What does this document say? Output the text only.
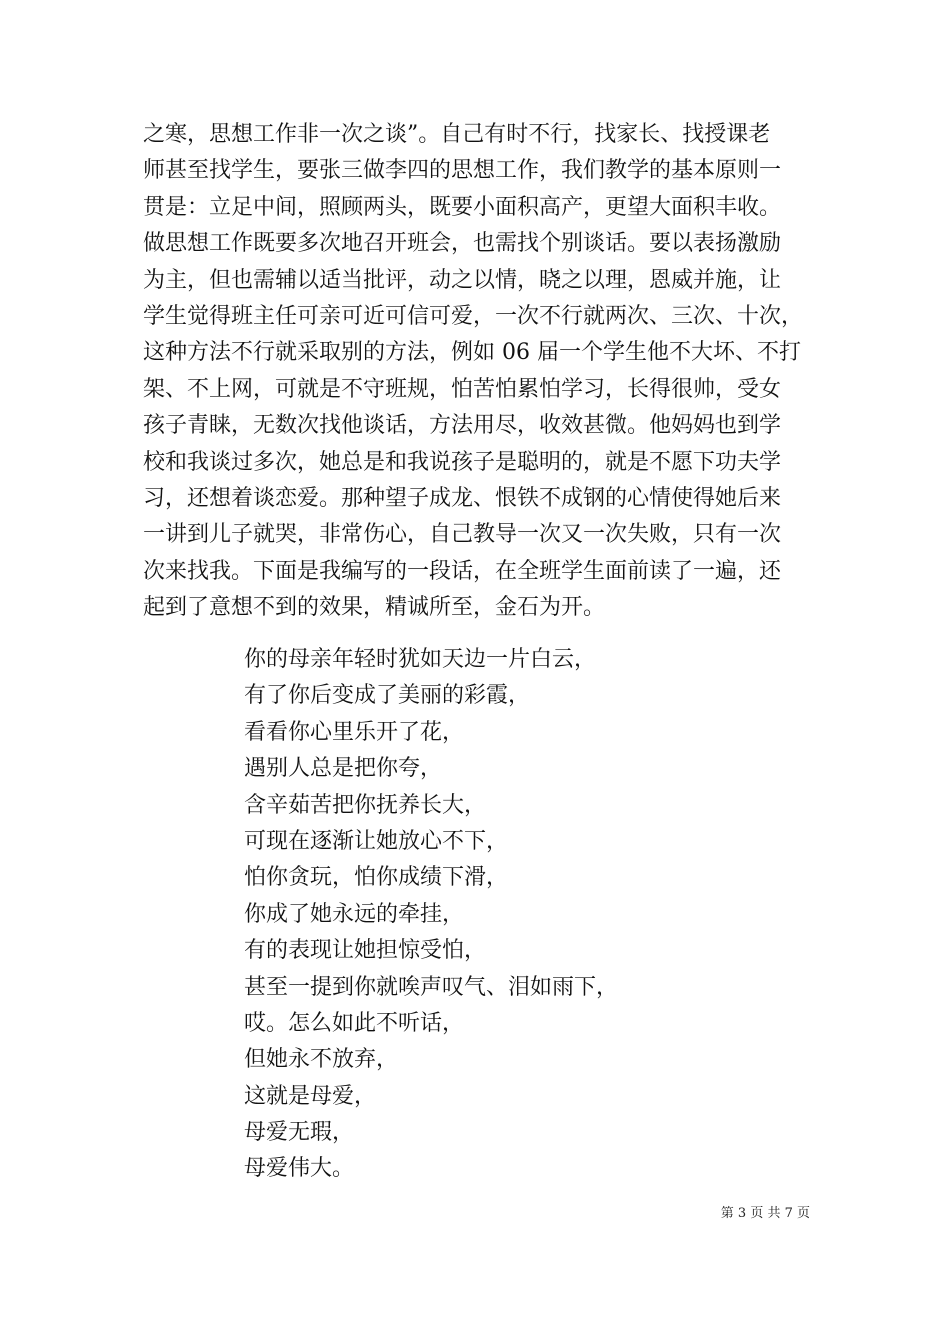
之寒，思想工作非一次之谈”。自己有时不行，找家长、找授课老
师甚至找学生，要张三做李四的思想工作，我们教学的基本原则一
贯是：立足中间，照顾两头，既要小面积高产，更望大面积丰收。
做思想工作既要多次地召开班会，也需找个别谈话。要以表扬激励
为主，但也需辅以适当批评，动之以情，晓之以理，恩威并施，让
学生觉得班主任可亲可近可信可爱，一次不行就两次、三次、十次，
这种方法不行就采取别的方法，例如 06 届一个学生他不大坏、不打
架、不上网，可就是不守班规，怕苦怕累怕学习，长得很帅，受女
孩子青睐，无数次找他谈话，方法用尽，收效甚微。他妈妈也到学
校和我谈过多次，她总是和我说孩子是聪明的，就是不愿下功夫学
习，还想着谈恋爱。那种望子成龙、恨铁不成钢的心情使得她后来
一讲到儿子就哭，非常伤心，自己教导一次又一次失败，只有一次
次来找我。下面是我编写的一段话，在全班学生面前读了一遍，还
起到了意想不到的效果，精诚所至，金石为开。
你的母亲年轻时犹如天边一片白云，
有了你后变成了美丽的彩霞，
看看你心里乐开了花，
遇别人总是把你夸，
含辛茹苦把你抚养长大，
可现在逐渐让她放心不下，
怕你贪玩，怕你成绩下滑，
你成了她永远的牵挂，
有的表现让她担惊受怕，
甚至一提到你就唉声叹气、泪如雨下，
哎。怎么如此不听话，
但她永不放弃，
这就是母爱，
母爱无瑕，
母爱伟大。
第 3 页 共 7 页
